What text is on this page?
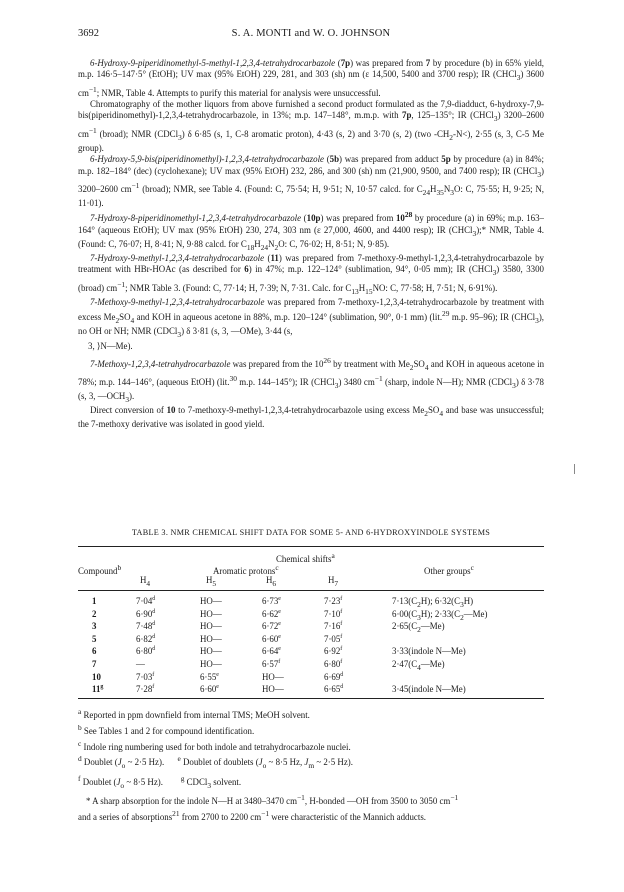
3692	S. A. MONTI and W. O. JOHNSON

6-Hydroxy-9-piperidinomethyl-5-methyl-1,2,3,4-tetrahydrocarbazole (7p) was prepared from 7 by procedure (b) in 65% yield, m.p. 146·5–147·5° (EtOH); UV max (95% EtOH) 229, 281, and 303 (sh) nm (ε 14,500, 5400 and 3700 resp); IR (CHCl$_3$) 3600 $cm^{-1}$; NMR, Table 4. Attempts to purify this material for analysis were unsuccessful.

Chromatography of the mother liquors from above furnished a second product formulated as the 7,9-diadduct, 6-hydroxy-7,9-bis(piperidinomethyl)-1,2,3,4-tetrahydrocarbazole, in 13%; m.p. 147–148°, m.m.p. with 7p, 125–135°; IR (CHCl$_3$) 3200–2600 $cm^{-1}$ (broad); NMR (CDCl$_3$) δ 6·85 (s, 1, C-8 aromatic proton), 4·43 (s, 2) and 3·70 (s, 2) (two $-CH_2-N<$), 2·55 (s, 3, C-5 Me group).

6-Hydroxy-5,9-bis(piperidinomethyl)-1,2,3,4-tetrahydrocarbazole (5b) was prepared from adduct 5p by procedure (a) in 84%; m.p. 182–184° (dec) (cyclohexane); UV max (95% EtOH) 232, 286, and 300 (sh) nm (21,900, 9500, and 7400 resp); IR (CHCl$_3$) 3200–2600 $cm^{-1}$ (broad); NMR, see Table 4. (Found: C, 75·54; H, 9·51; N, 10·57 calcd. for $C_{24}H_{35}N_3O$: C, 75·55; H, 9·25; N, 11·01).

7-Hydroxy-8-piperidinomethyl-1,2,3,4-tetrahydrocarbazole (10p) was prepared from $10^{28}$ by procedure (a) in 69%; m.p. 163–164° (aqueous EtOH); UV max (95% EtOH) 230, 274, 303 nm (ε 27,000, 4600, and 4400 resp); IR (CHCl$_3$);* NMR, Table 4. (Found: C, 76·07; H, 8·41; N, 9·88 calcd. for $C_{18}H_{24}N_2O$: C, 76·02; H, 8·51; N, 9·85).

7-Hydroxy-9-methyl-1,2,3,4-tetrahydrocarbazole (11) was prepared from 7-methoxy-9-methyl-1,2,3,4-tetrahydrocarbazole by treatment with HBr-HOAc (as described for 6) in 47%; m.p. 122–124° (sublimation, 94°, 0·05 mm); IR (CHCl$_3$) 3580, 3300 (broad) $cm^{-1}$; NMR Table 3. (Found: C, 77·14; H, 7·39; N, 7·31. Calc. for $C_{13}H_{15}NO$: C, 77·58; H, 7·51; N, 6·91%).

7-Methoxy-9-methyl-1,2,3,4-tetrahydrocarbazole was prepared from 7-methoxy-1,2,3,4-tetrahydrocarbazole by treatment with excess $Me_2SO_4$ and KOH in aqueous acetone in 88%, m.p. 120–124° (sublimation, 90°, 0·1 mm) (lit.$^{29}$ m.p. 95–96); IR (CHCl$_3$), no OH or NH; NMR (CDCl$_3$) δ 3·81 (s, 3, —OMe), 3·44 (s,

3, ⟩N—Me).

7-Methoxy-1,2,3,4-tetrahydrocarbazole was prepared from the $10^{26}$ by treatment with $Me_2SO_4$ and KOH in aqueous acetone in 78%; m.p. 144–146°, (aqueous EtOH) (lit.$^{30}$ m.p. 144–145°); IR (CHCl$_3$) 3480 $cm^{-1}$ (sharp, indole N—H); NMR (CDCl$_3$) δ 3·78 (s, 3, $—OCH_3$).

Direct conversion of 10 to 7-methoxy-9-methyl-1,2,3,4-tetrahydrocarbazole using excess $Me_2SO_4$ and base was unsuccessful; the 7-methoxy derivative was isolated in good yield.

TABLE 3. NMR CHEMICAL SHIFT DATA FOR SOME 5- AND 6-HYDROXYINDOLE SYSTEMS
Chemical shifts$^a$
Compound$^b$	Aromatic protons$^c$	Other groups$^c$
$H_4$	$H_5$	$H_6$	$H_7$
1	$7\cdot 04^d$	HO—	$6\cdot 73^e$	$7\cdot 23^f$	$7\cdot 13(C_2H)$; $6\cdot 32(C_3H)$
2	$6\cdot 90^d$	HO—	$6\cdot 62^e$	$7\cdot 10^f$	$6\cdot 00(C_3H)$; $2\cdot 33(C_2—Me)$
3	$7\cdot 48^d$	HO—	$6\cdot 72^e$	$7\cdot 16^f$	$2\cdot 65(C_2—Me)$
5	$6\cdot 82^d$	HO—	$6\cdot 60^e$	$7\cdot 05^f$
6	$6\cdot 80^d$	HO—	$6\cdot 64^e$	$6\cdot 92^f$	3·33(indole N—Me)
7	—	HO—	$6\cdot 57^f$	$6\cdot 80^f$	$2\cdot 47(C_4—Me)$
10	$7\cdot 03^f$	$6\cdot 55^e$	HO—	$6\cdot 69^d$
11$^g$	$7\cdot 28^f$	$6\cdot 60^e$	HO—	$6\cdot 65^d$	3·45(indole N—Me)
$^a$ Reported in ppm downfield from internal TMS; MeOH solvent.
$^b$ See Tables 1 and 2 for compound identification.
$^c$ Indole ring numbering used for both indole and tetrahydrocarbazole nuclei.
$^d$ Doublet ($J_o$ ~ 2·5 Hz).      $^e$ Doublet of doublets ($J_o$ ~ 8·5 Hz, $J_m$ ~ 2·5 Hz).
$^f$ Doublet ($J_o$ ~ 8·5 Hz).        $^g$ CDCl$_3$ solvent.
* A sharp absorption for the indole N—H at 3480–3470 $cm^{-1}$, H-bonded —OH from 3500 to 3050 $cm^{-1}$
and a series of absorptions$^{21}$ from 2700 to 2200 $cm^{-1}$ were characteristic of the Mannich adducts.
